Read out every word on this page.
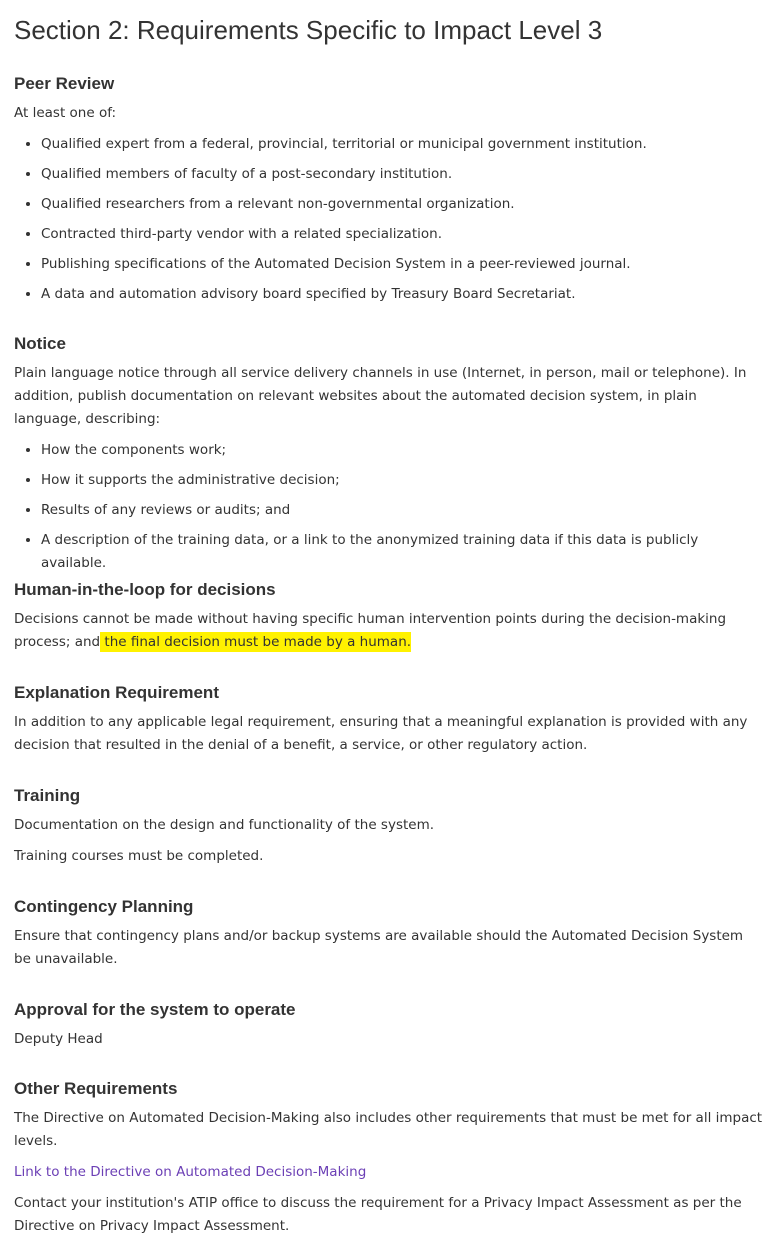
Section 2: Requirements Specific to Impact Level 3
Peer Review

At least one of:

• Qualified expert from a federal, provincial, territorial or municipal government institution.
• Qualified members of faculty of a post-secondary institution.
• Qualified researchers from a relevant non-governmental organization.
• Contracted third-party vendor with a related specialization.
• Publishing specifications of the Automated Decision System in a peer-reviewed journal.
• A data and automation advisory board specified by Treasury Board Secretariat.
Notice

Plain language notice through all service delivery channels in use (Internet, in person, mail or telephone). In addition, publish documentation on relevant websites about the automated decision system, in plain language, describing:

• How the components work;
• How it supports the administrative decision;
• Results of any reviews or audits; and
• A description of the training data, or a link to the anonymized training data if this data is publicly available.
Human-in-the-loop for decisions

Decisions cannot be made without having specific human intervention points during the decision-making process; and the final decision must be made by a human.

Explanation Requirement

In addition to any applicable legal requirement, ensuring that a meaningful explanation is provided with any decision that resulted in the denial of a benefit, a service, or other regulatory action.

Training

Documentation on the design and functionality of the system.

Training courses must be completed.

Contingency Planning

Ensure that contingency plans and/or backup systems are available should the Automated Decision System be unavailable.

Approval for the system to operate

Deputy Head

Other Requirements

The Directive on Automated Decision-Making also includes other requirements that must be met for all impact levels.

Link to the Directive on Automated Decision-Making

Contact your institution's ATIP office to discuss the requirement for a Privacy Impact Assessment as per the Directive on Privacy Impact Assessment.
